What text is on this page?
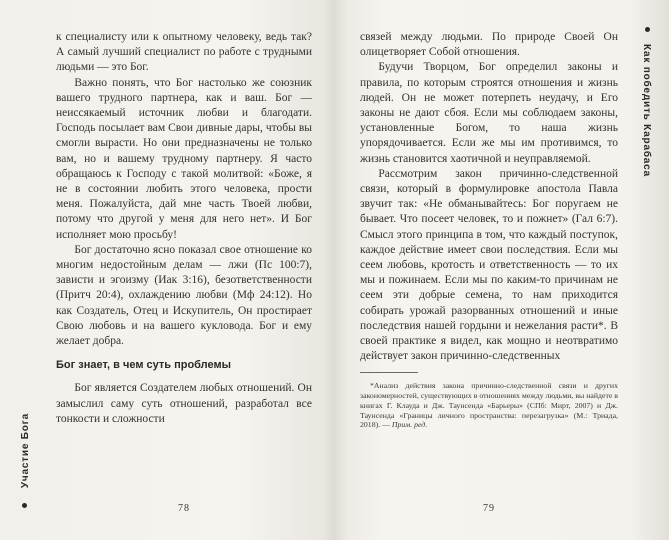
Участие Бога

к специалисту или к опытному человеку, ведь так? А самый лучший специалист по работе с трудными людьми — это Бог.

Важно понять, что Бог настолько же союзник вашего трудного партнера, как и ваш. Бог — неиссякаемый источник любви и благодати. Господь посылает вам Свои дивные дары, чтобы вы смогли вырасти. Но они предназначены не только вам, но и вашему трудному партнеру. Я часто обращаюсь к Господу с такой молитвой: «Боже, я не в состоянии любить этого человека, прости меня. Пожалуйста, дай мне часть Твоей любви, потому что другой у меня для него нет». И Бог исполняет мою просьбу!

Бог достаточно ясно показал свое отношение ко многим недостойным делам — лжи (Пс 100:7), зависти и эгоизму (Иак 3:16), безответственности (Притч 20:4), охлаждению любви (Мф 24:12). Но как Создатель, Отец и Искупитель, Он простирает Свою любовь и на вашего кукловода. Бог и ему желает добра.

Бог знает, в чем суть проблемы

Бог является Создателем любых отношений. Он замыслил саму суть отношений, разработал все тонкости и сложности

78
Как победить Карабаса

связей между людьми. По природе Своей Он олицетворяет Собой отношения.

Будучи Творцом, Бог определил законы и правила, по которым строятся отношения и жизнь людей. Он не может потерпеть неудачу, и Его законы не дают сбоя. Если мы соблюдаем законы, установленные Богом, то наша жизнь упорядочивается. Если же мы им противимся, то жизнь становится хаотичной и неуправляемой.

Рассмотрим закон причинно-следственной связи, который в формулировке апостола Павла звучит так: «Не обманывайтесь: Бог поругаем не бывает. Что посеет человек, то и пожнет» (Гал 6:7). Смысл этого принципа в том, что каждый поступок, каждое действие имеет свои последствия. Если мы сеем любовь, кротость и ответственность — то их мы и пожинаем. Если мы по каким-то причинам не сеем эти добрые семена, то нам приходится собирать урожай разорванных отношений и иные последствия нашей гордыни и нежелания расти*. В своей практике я видел, как мощно и неотвратимо действует закон причинно-следственных

*Анализ действия закона причинно-следственной связи и других закономерностей, существующих в отношениях между людьми, вы найдете в книгах Г. Клауда и Дж. Таунсенда «Барьеры» (СПб: Мирт, 2007) и Дж. Таунсенда «Границы личного пространства: перезагрузка» (М.: Триада, 2018). — Прим. ред.

79
